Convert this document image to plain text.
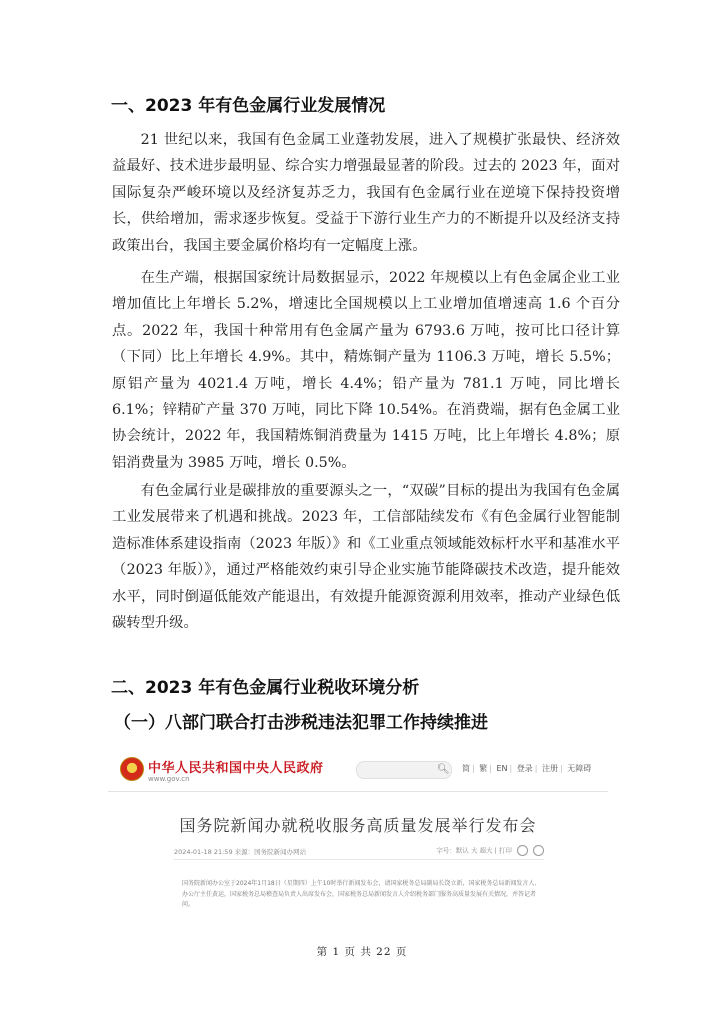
一、2023 年有色金属行业发展情况

21 世纪以来，我国有色金属工业蓬勃发展，进入了规模扩张最快、经济效益最好、技术进步最明显、综合实力增强最显著的阶段。过去的 2023 年，面对国际复杂严峻环境以及经济复苏乏力，我国有色金属行业在逆境下保持投资增长，供给增加，需求逐步恢复。受益于下游行业生产力的不断提升以及经济支持政策出台，我国主要金属价格均有一定幅度上涨。

在生产端，根据国家统计局数据显示，2022 年规模以上有色金属企业工业增加值比上年增长 5.2%，增速比全国规模以上工业增加值增速高 1.6 个百分点。2022 年，我国十种常用有色金属产量为 6793.6 万吨，按可比口径计算（下同）比上年增长 4.9%。其中，精炼铜产量为 1106.3 万吨，增长 5.5%；原铝产量为 4021.4 万吨，增长 4.4%；铅产量为 781.1 万吨，同比增长 6.1%；锌精矿产量 370 万吨，同比下降 10.54%。在消费端，据有色金属工业协会统计，2022 年，我国精炼铜消费量为 1415 万吨，比上年增长 4.8%；原铝消费量为 3985 万吨，增长 0.5%。

有色金属行业是碳排放的重要源头之一，“双碳”目标的提出为我国有色金属工业发展带来了机遇和挑战。2023 年，工信部陆续发布《有色金属行业智能制造标准体系建设指南（2023 年版）》和《工业重点领域能效标杆水平和基准水平（2023 年版）》，通过严格能效约束引导企业实施节能降碳技术改造，提升能效水平，同时倒逼低能效产能退出，有效提升能源资源利用效率，推动产业绿色低碳转型升级。

二、2023 年有色金属行业税收环境分析
（一）八部门联合打击涉税违法犯罪工作持续推进
中华人民共和国中央人民政府
www.gov.cn
🔍︎ 简 | 繁 | EN | 登录 | 注册 | 无障碍
国务院新闻办就税收服务高质量发展举行发布会
2024-01-18 21:59 来源：国务院新闻办网站	字号：默认 大 超大 | 打印
国务院新闻办公室于2024年1月18日（星期四）上午10时举行新闻发布会，请国家税务总局副局长饶立新，国家税务总局新闻发言人、办公厅主任黄运，国家税务总局稽查局负责人出席发布会，国家税务总局新闻发言人介绍税务部门服务高质量发展有关情况，并答记者问。
第 1 页 共 22 页
